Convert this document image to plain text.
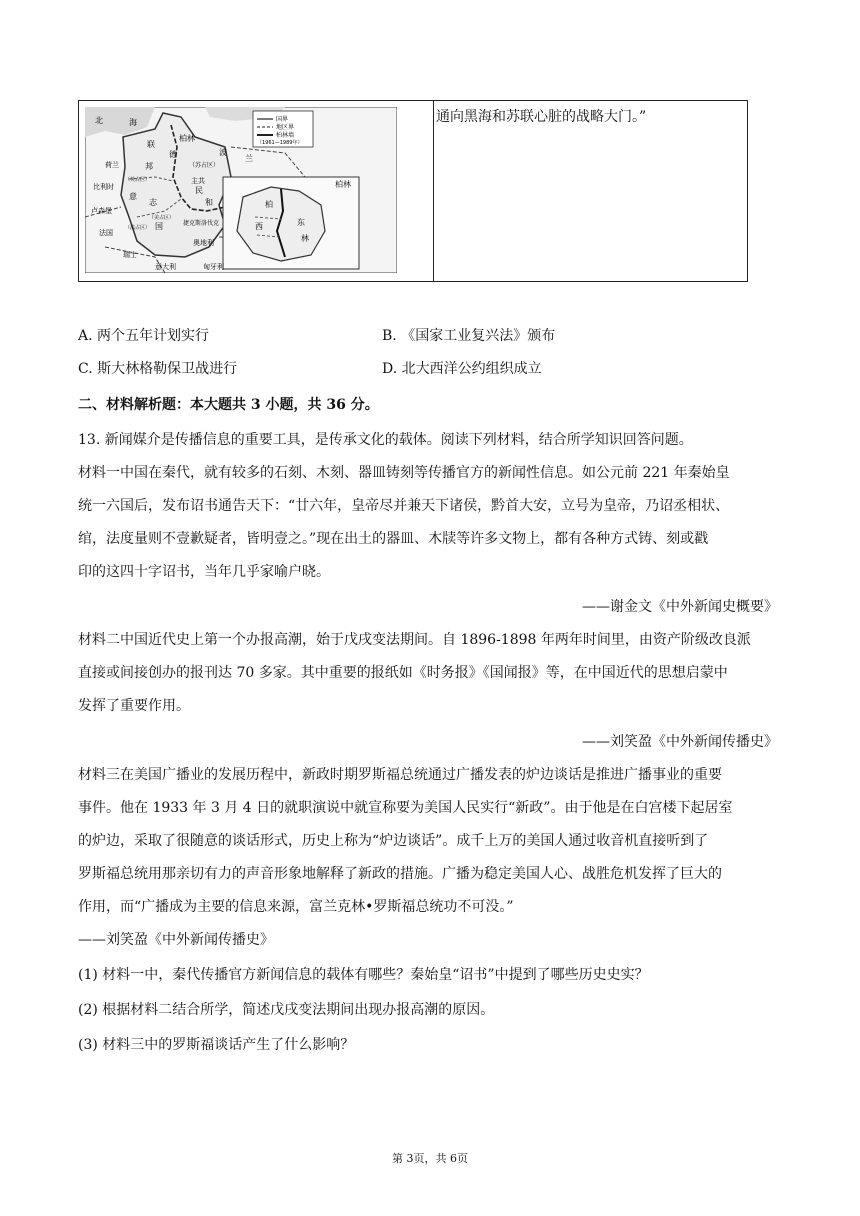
国界
地区界
柏林墙
（1961—1989年）
北	海
柏林
联
德
邦	（苏占区）
波
兰
荷兰
比利时
卢森堡
法国
瑞士
奥地利
意大利	匈牙利
捷克斯洛伐克
意
志
民
主共
和
国
（英占区）
（美占区）
（法占区）
柏林
西	东
柏
林
通向黑海和苏联心脏的战略大门。”
A. 两个五年计划实行	B. 《国家工业复兴法》颁布
C. 斯大林格勒保卫战进行	D. 北大西洋公约组织成立
二、材料解析题：本大题共 3 小题，共 36 分。
13. 新闻媒介是传播信息的重要工具，是传承文化的载体。阅读下列材料，结合所学知识回答问题。
材料一中国在秦代，就有较多的石刻、木刻、器皿铸刻等传播官方的新闻性信息。如公元前 221 年秦始皇
统一六国后，发布诏书通告天下：“廿六年，皇帝尽并兼天下诸侯，黔首大安，立号为皇帝，乃诏丞相状、
绾，法度量则不壹歉疑者，皆明壹之。”现在出土的器皿、木牍等许多文物上，都有各种方式铸、刻或戳
印的这四十字诏书，当年几乎家喻户晓。
——谢金文《中外新闻史概要》
材料二中国近代史上第一个办报高潮，始于戊戌变法期间。自 1896-1898 年两年时间里，由资产阶级改良派
直接或间接创办的报刊达 70 多家。其中重要的报纸如《时务报》《国闻报》等，在中国近代的思想启蒙中
发挥了重要作用。
——刘笑盈《中外新闻传播史》
材料三在美国广播业的发展历程中，新政时期罗斯福总统通过广播发表的炉边谈话是推进广播事业的重要
事件。他在 1933 年 3 月 4 日的就职演说中就宣称要为美国人民实行“新政”。由于他是在白宫楼下起居室
的炉边，采取了很随意的谈话形式，历史上称为“炉边谈话”。成千上万的美国人通过收音机直接听到了
罗斯福总统用那亲切有力的声音形象地解释了新政的措施。广播为稳定美国人心、战胜危机发挥了巨大的
作用，而“广播成为主要的信息来源，富兰克林•罗斯福总统功不可没。”
——刘笑盈《中外新闻传播史》
(1) 材料一中，秦代传播官方新闻信息的载体有哪些？秦始皇“诏书”中提到了哪些历史史实？
(2) 根据材料二结合所学，简述戊戌变法期间出现办报高潮的原因。
(3) 材料三中的罗斯福谈话产生了什么影响？
第 3页，共 6页
